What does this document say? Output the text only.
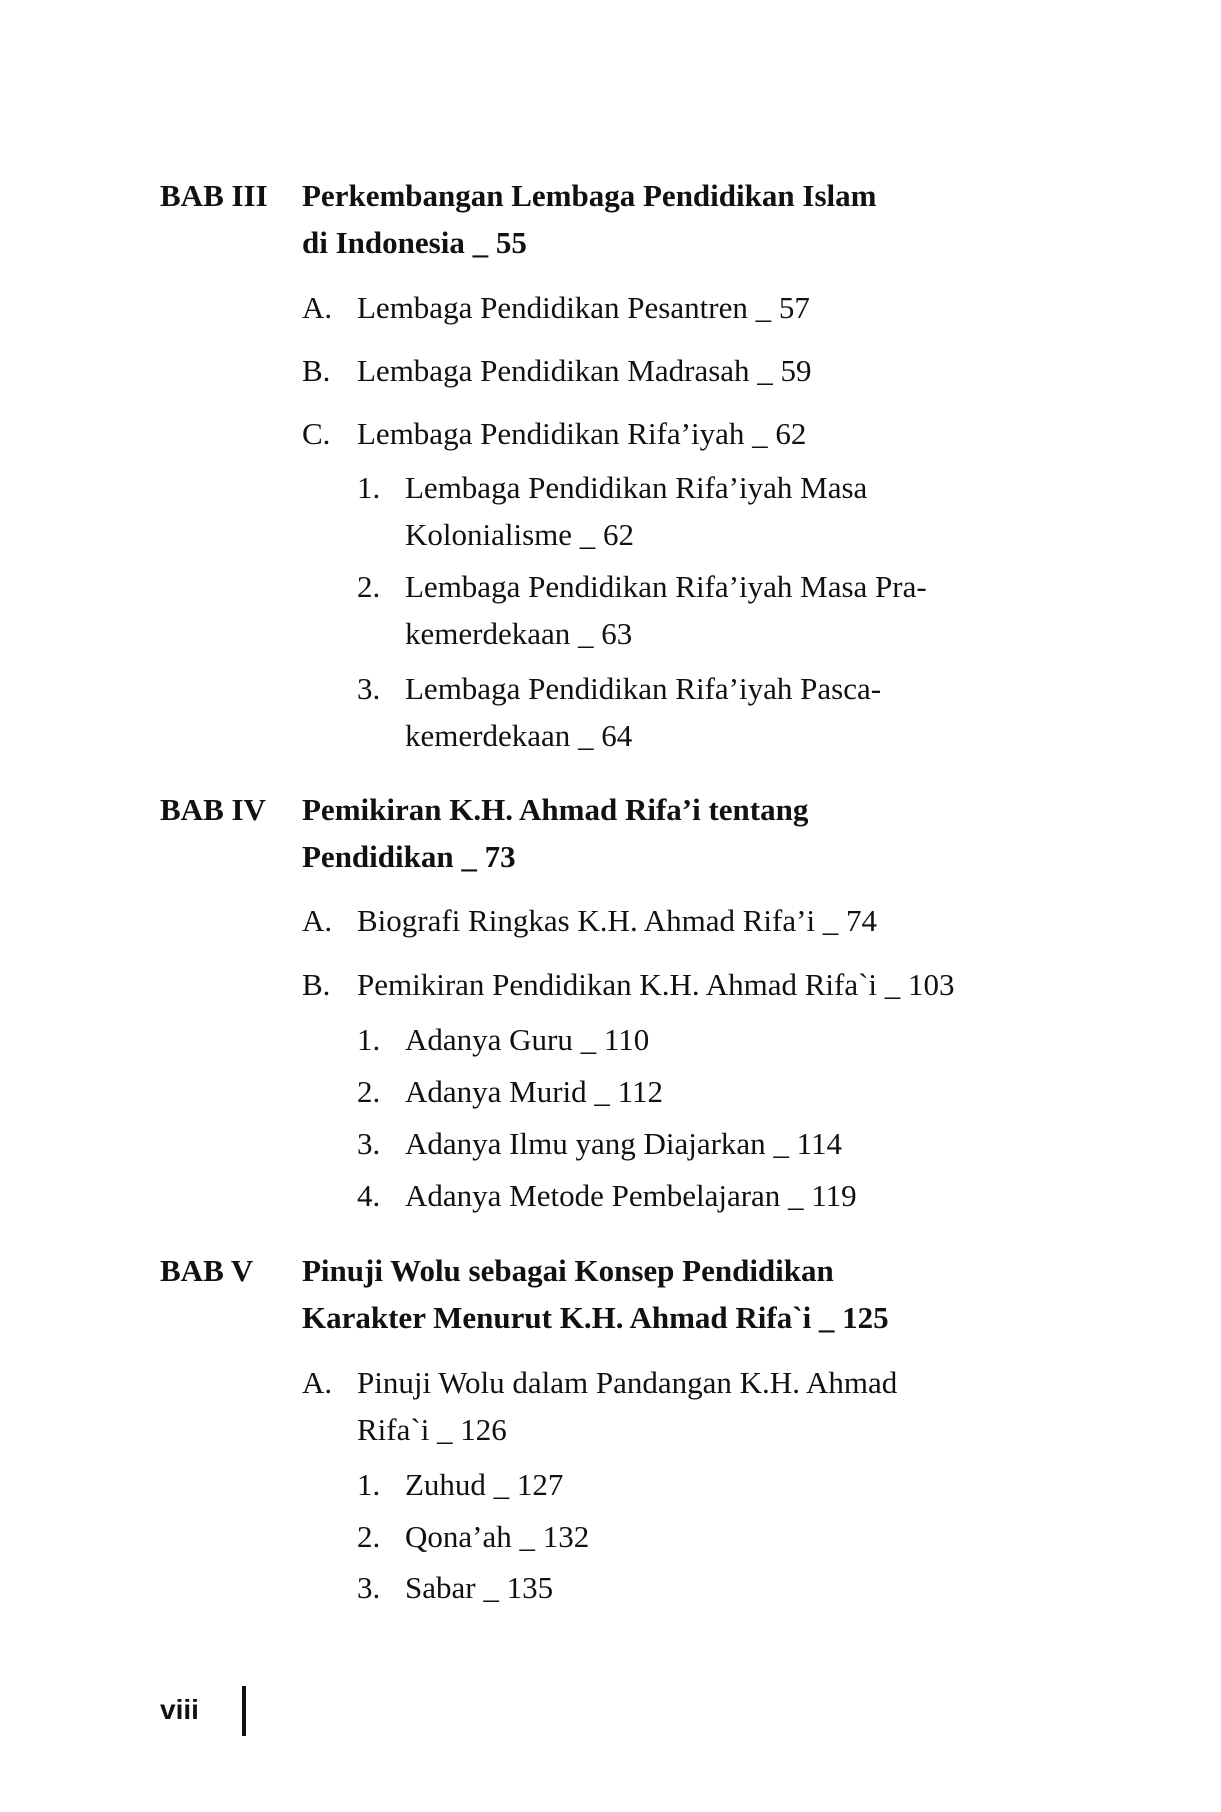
BAB III Perkembangan Lembaga Pendidikan Islam
di Indonesia _ 55
A. Lembaga Pendidikan Pesantren _ 57
B. Lembaga Pendidikan Madrasah _ 59
C. Lembaga Pendidikan Rifa’iyah _ 62
1. Lembaga Pendidikan Rifa’iyah Masa
Kolonialisme _ 62
2. Lembaga Pendidikan Rifa’iyah Masa Pra-
kemerdekaan _ 63
3. Lembaga Pendidikan Rifa’iyah Pasca-
kemerdekaan _ 64
BAB IV Pemikiran K.H. Ahmad Rifa’i tentang
Pendidikan _ 73
A. Biografi Ringkas K.H. Ahmad Rifa’i _ 74
B. Pemikiran Pendidikan K.H. Ahmad Rifa`i _ 103
1. Adanya Guru _ 110
2. Adanya Murid _ 112
3. Adanya Ilmu yang Diajarkan _ 114
4. Adanya Metode Pembelajaran _ 119
BAB V Pinuji Wolu sebagai Konsep Pendidikan
Karakter Menurut K.H. Ahmad Rifa`i _ 125
A. Pinuji Wolu dalam Pandangan K.H. Ahmad
Rifa`i _ 126
1. Zuhud _ 127
2. Qona’ah _ 132
3. Sabar _ 135
viii
